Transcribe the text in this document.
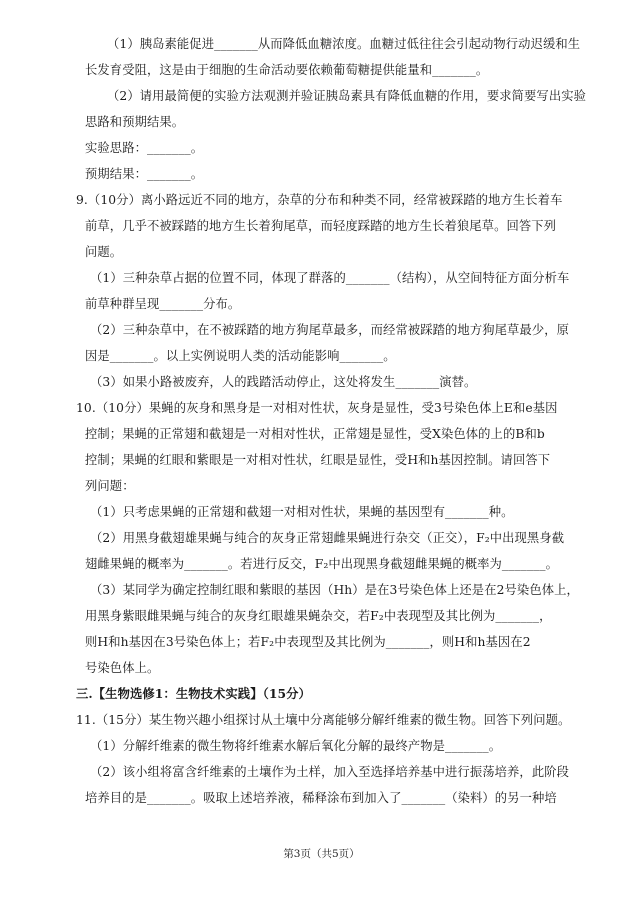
（1）胰岛素能促进_______从而降低血糖浓度。血糖过低往往会引起动物行动迟缓和生
长发育受阻，这是由于细胞的生命活动要依赖葡萄糖提供能量和_______。
（2）请用最简便的实验方法观测并验证胰岛素具有降低血糖的作用，要求简要写出实验
思路和预期结果。
实验思路：_______。
预期结果：_______。
9.（10分）离小路远近不同的地方，杂草的分布和种类不同，经常被踩踏的地方生长着车
前草，几乎不被踩踏的地方生长着狗尾草，而轻度踩踏的地方生长着狼尾草。回答下列
问题。
（1）三种杂草占据的位置不同，体现了群落的_______（结构），从空间特征方面分析车
前草种群呈现_______分布。
（2）三种杂草中，在不被踩踏的地方狗尾草最多，而经常被踩踏的地方狗尾草最少，原
因是_______。以上实例说明人类的活动能影响_______。
（3）如果小路被废弃，人的践踏活动停止，这处将发生_______演替。
10.（10分）果蝇的灰身和黑身是一对相对性状，灰身是显性，受3号染色体上E和e基因
控制；果蝇的正常翅和截翅是一对相对性状，正常翅是显性，受X染色体的上的B和b
控制；果蝇的红眼和紫眼是一对相对性状，红眼是显性，受H和h基因控制。请回答下
列问题：
（1）只考虑果蝇的正常翅和截翅一对相对性状，果蝇的基因型有_______种。
（2）用黑身截翅雄果蝇与纯合的灰身正常翅雌果蝇进行杂交（正交），F₂中出现黑身截
翅雌果蝇的概率为_______。若进行反交，F₂中出现黑身截翅雌果蝇的概率为_______。
（3）某同学为确定控制红眼和紫眼的基因（Hh）是在3号染色体上还是在2号染色体上，
用黑身紫眼雌果蝇与纯合的灰身红眼雄果蝇杂交，若F₂中表现型及其比例为_______，
则H和h基因在3号染色体上；若F₂中表现型及其比例为_______，则H和h基因在2
号染色体上。
三.【生物选修1：生物技术实践】（15分）
11.（15分）某生物兴趣小组探讨从土壤中分离能够分解纤维素的微生物。回答下列问题。
（1）分解纤维素的微生物将纤维素水解后氧化分解的最终产物是_______。
（2）该小组将富含纤维素的土壤作为土样，加入至选择培养基中进行振荡培养，此阶段
培养目的是_______。吸取上述培养液，稀释涂布到加入了_______（染料）的另一种培
第3页（共5页）
